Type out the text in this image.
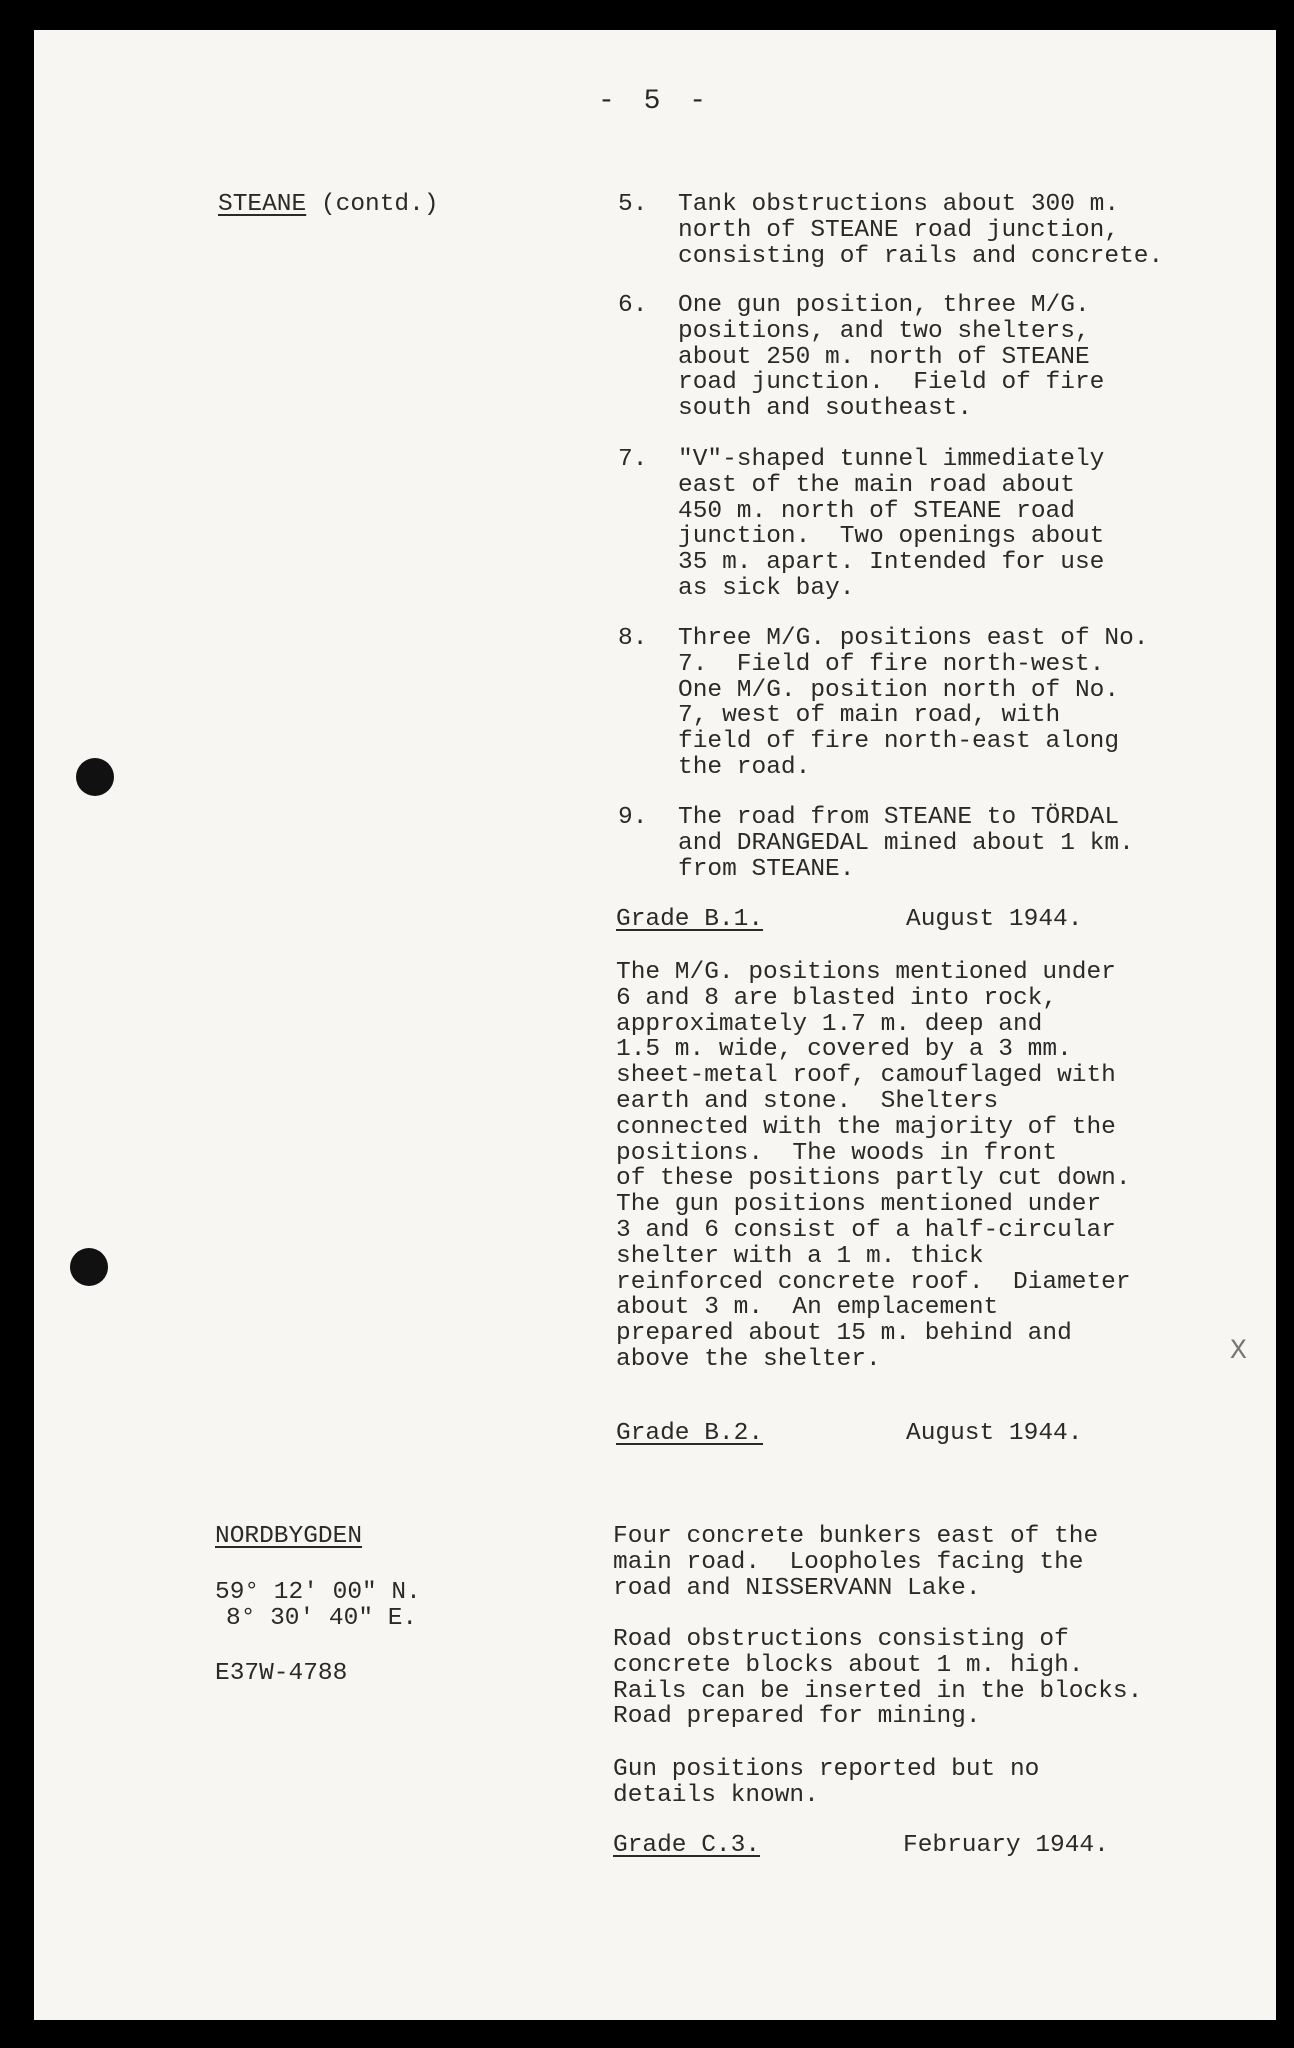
- 5 -
STEANE (contd.)	5. Tank obstructions about 300 m.
north of STEANE road junction,
consisting of rails and concrete.
6. One gun position, three M/G.
positions, and two shelters,
about 250 m. north of STEANE
road junction.  Field of fire
south and southeast.
7. "V"-shaped tunnel immediately
east of the main road about
450 m. north of STEANE road
junction.  Two openings about
35 m. apart. Intended for use
as sick bay.
8. Three M/G. positions east of No.
7.  Field of fire north-west.
One M/G. position north of No.
7, west of main road, with
field of fire north-east along
the road.
9. The road from STEANE to TÖRDAL
and DRANGEDAL mined about 1 km.
from STEANE.
Grade B.1.	August 1944.
The M/G. positions mentioned under
6 and 8 are blasted into rock,
approximately 1.7 m. deep and
1.5 m. wide, covered by a 3 mm.
sheet-metal roof, camouflaged with
earth and stone.  Shelters
connected with the majority of the
positions.  The woods in front
of these positions partly cut down.
The gun positions mentioned under
3 and 6 consist of a half-circular
shelter with a 1 m. thick
reinforced concrete roof.  Diameter
about 3 m.  An emplacement
prepared about 15 m. behind and
above the shelter.	X
Grade B.2.	August 1944.
NORDBYGDEN
59° 12' 00" N.
8° 30' 40" E.
E37W-4788
Four concrete bunkers east of the
main road.  Loopholes facing the
road and NISSERVANN Lake.
Road obstructions consisting of
concrete blocks about 1 m. high.
Rails can be inserted in the blocks.
Road prepared for mining.
Gun positions reported but no
details known.
Grade C.3.	February 1944.
